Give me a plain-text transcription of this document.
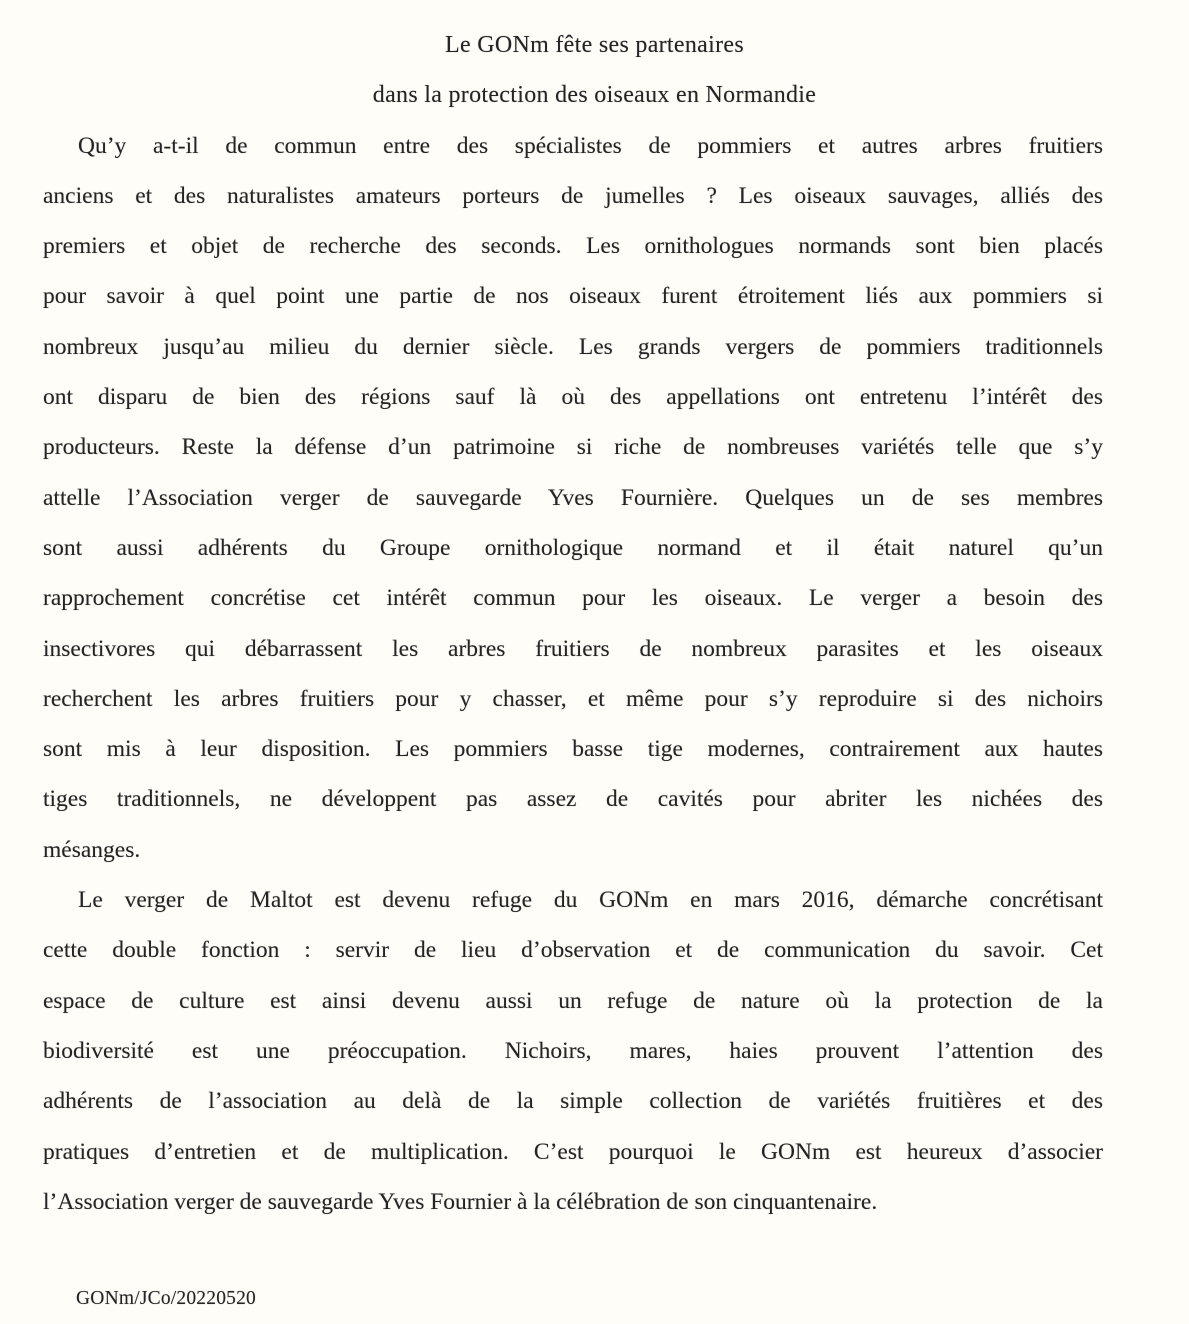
Le GONm fête ses partenaires
dans la protection des oiseaux en Normandie
Qu’y a-t-il de commun entre des spécialistes de pommiers et autres arbres fruitiers
anciens et des naturalistes amateurs porteurs de jumelles ? Les oiseaux sauvages, alliés des
premiers et objet de recherche des seconds. Les ornithologues normands sont bien placés
pour savoir à quel point une partie de nos oiseaux furent étroitement liés aux pommiers si
nombreux jusqu’au milieu du dernier siècle. Les grands vergers de pommiers traditionnels
ont disparu de bien des régions sauf là où des appellations ont entretenu l’intérêt des
producteurs. Reste la défense d’un patrimoine si riche de nombreuses variétés telle que s’y
attelle l’Association verger de sauvegarde Yves Fournière. Quelques un de ses membres
sont aussi adhérents du Groupe ornithologique normand et il était naturel qu’un
rapprochement concrétise cet intérêt commun pour les oiseaux. Le verger a besoin des
insectivores qui débarrassent les arbres fruitiers de nombreux parasites et les oiseaux
recherchent les arbres fruitiers pour y chasser, et même pour s’y reproduire si des nichoirs
sont mis à leur disposition. Les pommiers basse tige modernes, contrairement aux hautes
tiges traditionnels, ne développent pas assez de cavités pour abriter les nichées des
mésanges.
Le verger de Maltot est devenu refuge du GONm en mars 2016, démarche concrétisant
cette double fonction : servir de lieu d’observation et de communication du savoir. Cet
espace de culture est ainsi devenu aussi un refuge de nature où la protection de la
biodiversité est une préoccupation. Nichoirs, mares, haies prouvent l’attention des
adhérents de l’association au delà de la simple collection de variétés fruitières et des
pratiques d’entretien et de multiplication. C’est pourquoi le GONm est heureux d’associer
l’Association verger de sauvegarde Yves Fournier à la célébration de son cinquantenaire.
GONm/JCo/20220520
